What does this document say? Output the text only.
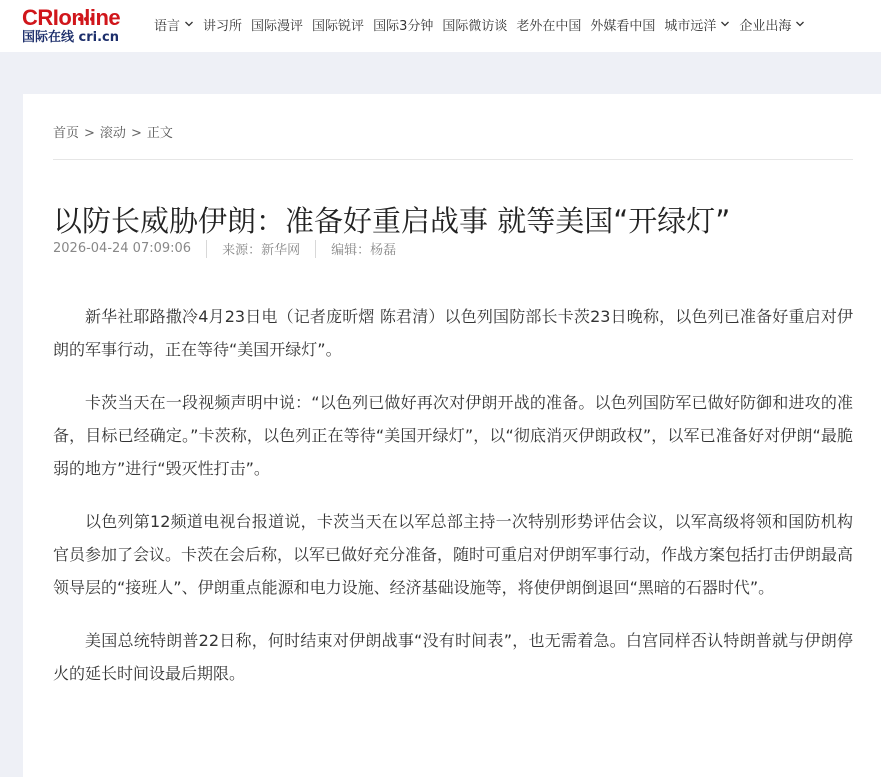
CRIonline
国际在线 cri.cn
语言 讲习所 国际漫评 国际锐评 国际3分钟 国际微访谈 老外在中国 外媒看中国 城市远洋 企业出海
首页 > 滚动 > 正文
以防长威胁伊朗：准备好重启战事 就等美国“开绿灯”
2026-04-24 07:09:06 来源：新华网 编辑：杨磊

新华社耶路撒冷4月23日电（记者庞昕熠 陈君清）以色列国防部长卡茨23日晚称，以色列已准备好重启对伊朗的军事行动，正在等待“美国开绿灯”。

卡茨当天在一段视频声明中说：“以色列已做好再次对伊朗开战的准备。以色列国防军已做好防御和进攻的准备，目标已经确定。”卡茨称，以色列正在等待“美国开绿灯”，以“彻底消灭伊朗政权”，以军已准备好对伊朗“最脆弱的地方”进行“毁灭性打击”。

以色列第12频道电视台报道说，卡茨当天在以军总部主持一次特别形势评估会议，以军高级将领和国防机构官员参加了会议。卡茨在会后称，以军已做好充分准备，随时可重启对伊朗军事行动，作战方案包括打击伊朗最高领导层的“接班人”、伊朗重点能源和电力设施、经济基础设施等，将使伊朗倒退回“黑暗的石器时代”。

美国总统特朗普22日称，何时结束对伊朗战事“没有时间表”，也无需着急。白宫同样否认特朗普就与伊朗停火的延长时间设最后期限。
